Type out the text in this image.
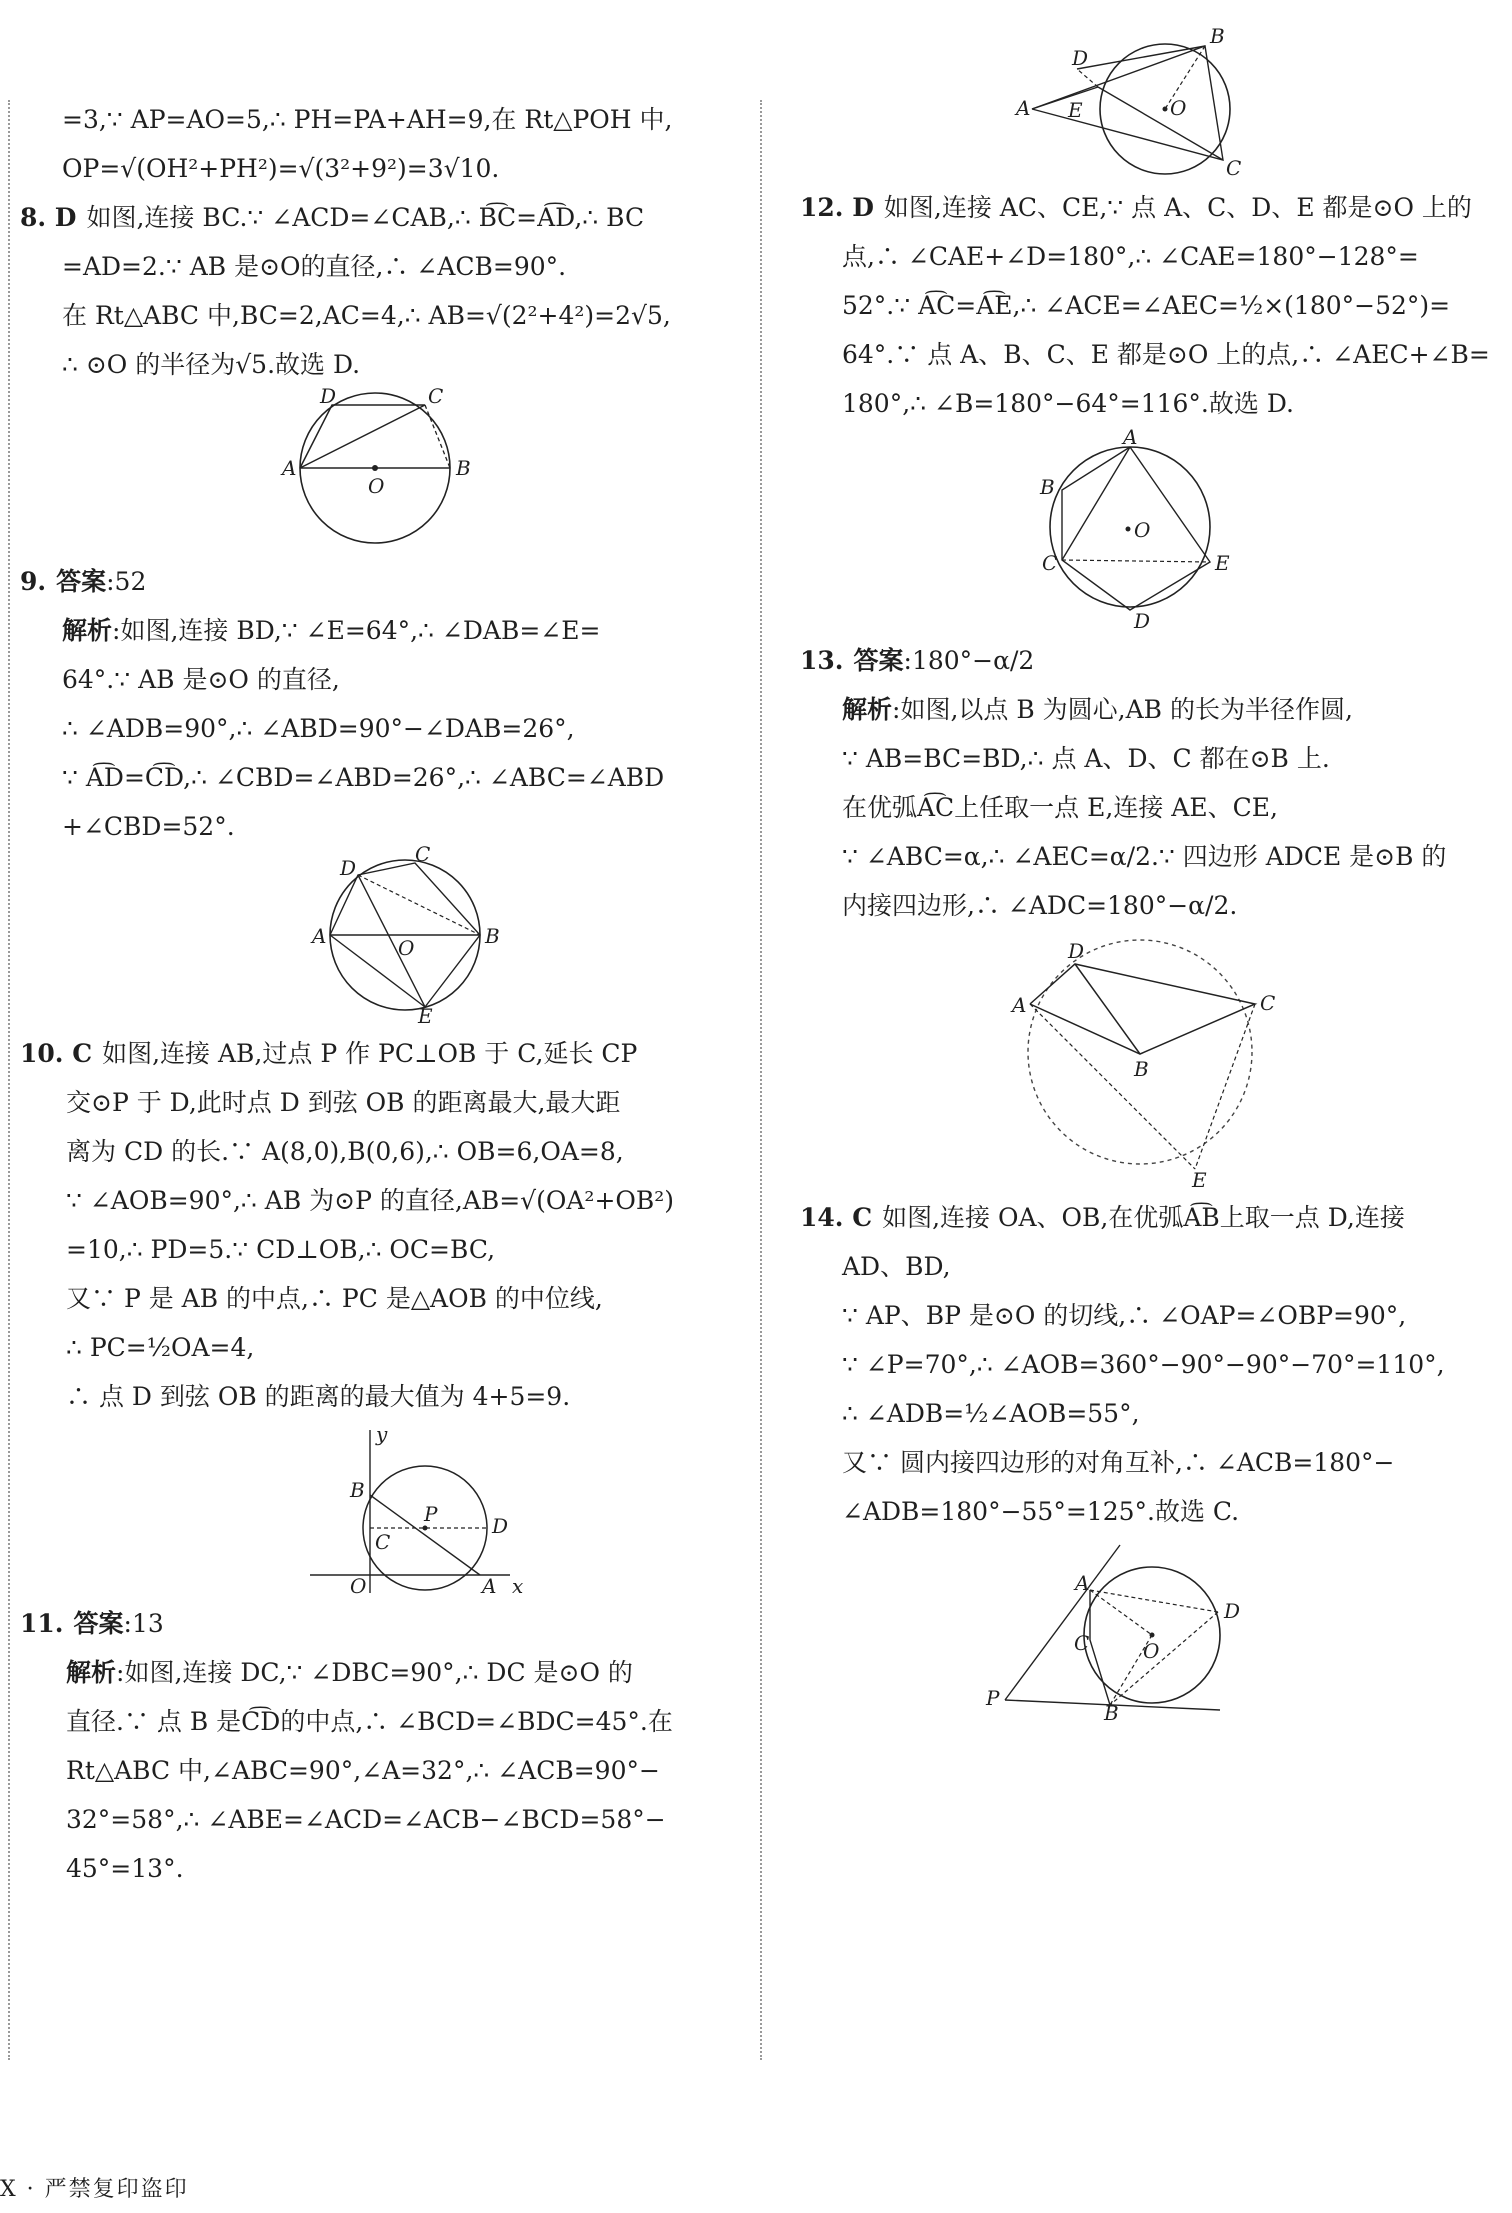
=3,∵ AP=AO=5,∴ PH=PA+AH=9,在 Rt△POH 中,
OP=√(OH²+PH²)=√(3²+9²)=3√10.
8. D 如图,连接 BC.∵ ∠ACD=∠CAB,∴ B͡C=A͡D,∴ BC
=AD=2.∵ AB 是⊙O的直径,∴ ∠ACB=90°.
在 Rt△ABC 中,BC=2,AC=4,∴ AB=√(2²+4²)=2√5,
∴ ⊙O 的半径为√5.故选 D.
D	C
A
O
B
9. 答案:52
解析:如图,连接 BD,∵ ∠E=64°,∴ ∠DAB=∠E=
64°.∵ AB 是⊙O 的直径,
∴ ∠ADB=90°,∴ ∠ABD=90°−∠DAB=26°,
∵ A͡D=C͡D,∴ ∠CBD=∠ABD=26°,∴ ∠ABC=∠ABD
+∠CBD=52°.
C
D
A	O	B
E
10. C 如图,连接 AB,过点 P 作 PC⊥OB 于 C,延长 CP
交⊙P 于 D,此时点 D 到弦 OB 的距离最大,最大距
离为 CD 的长.∵ A(8,0),B(0,6),∴ OB=6,OA=8,
∵ ∠AOB=90°,∴ AB 为⊙P 的直径,AB=√(OA²+OB²)
=10,∴ PD=5.∵ CD⊥OB,∴ OC=BC,
又∵ P 是 AB 的中点,∴ PC 是△AOB 的中位线,
∴ PC=½OA=4,
∴ 点 D 到弦 OB 的距离的最大值为 4+5=9.
y
B
P	D
C
O	A x
11. 答案:13
解析:如图,连接 DC,∵ ∠DBC=90°,∴ DC 是⊙O 的
直径.∵ 点 B 是C͡D的中点,∴ ∠BCD=∠BDC=45°.在
Rt△ABC 中,∠ABC=90°,∠A=32°,∴ ∠ACB=90°−
32°=58°,∴ ∠ABE=∠ACD=∠ACB−∠BCD=58°−
45°=13°.
A
B
D
E	O
C
12. D 如图,连接 AC、CE,∵ 点 A、C、D、E 都是⊙O 上的
点,∴ ∠CAE+∠D=180°,∴ ∠CAE=180°−128°=
52°.∵ A͡C=A͡E,∴ ∠ACE=∠AEC=½×(180°−52°)=
64°.∵ 点 A、B、C、E 都是⊙O 上的点,∴ ∠AEC+∠B=
180°,∴ ∠B=180°−64°=116°.故选 D.
A
B
O
C	E
D
13. 答案:180°−α/2
解析:如图,以点 B 为圆心,AB 的长为半径作圆,
∵ AB=BC=BD,∴ 点 A、D、C 都在⊙B 上.
在优弧A͡C上任取一点 E,连接 AE、CE,
∵ ∠ABC=α,∴ ∠AEC=α/2.∵ 四边形 ADCE 是⊙B 的
内接四边形,∴ ∠ADC=180°−α/2.
D
A	C
B
E
14. C 如图,连接 OA、OB,在优弧A͡B上取一点 D,连接
AD、BD,
∵ AP、BP 是⊙O 的切线,∴ ∠OAP=∠OBP=90°,
∵ ∠P=70°,∴ ∠AOB=360°−90°−90°−70°=110°,
∴ ∠ADB=½∠AOB=55°,
又∵ 圆内接四边形的对角互补,∴ ∠ACB=180°−
∠ADB=180°−55°=125°.故选 C.
A
D
C	O
P
B
X · 严禁复印盗印
